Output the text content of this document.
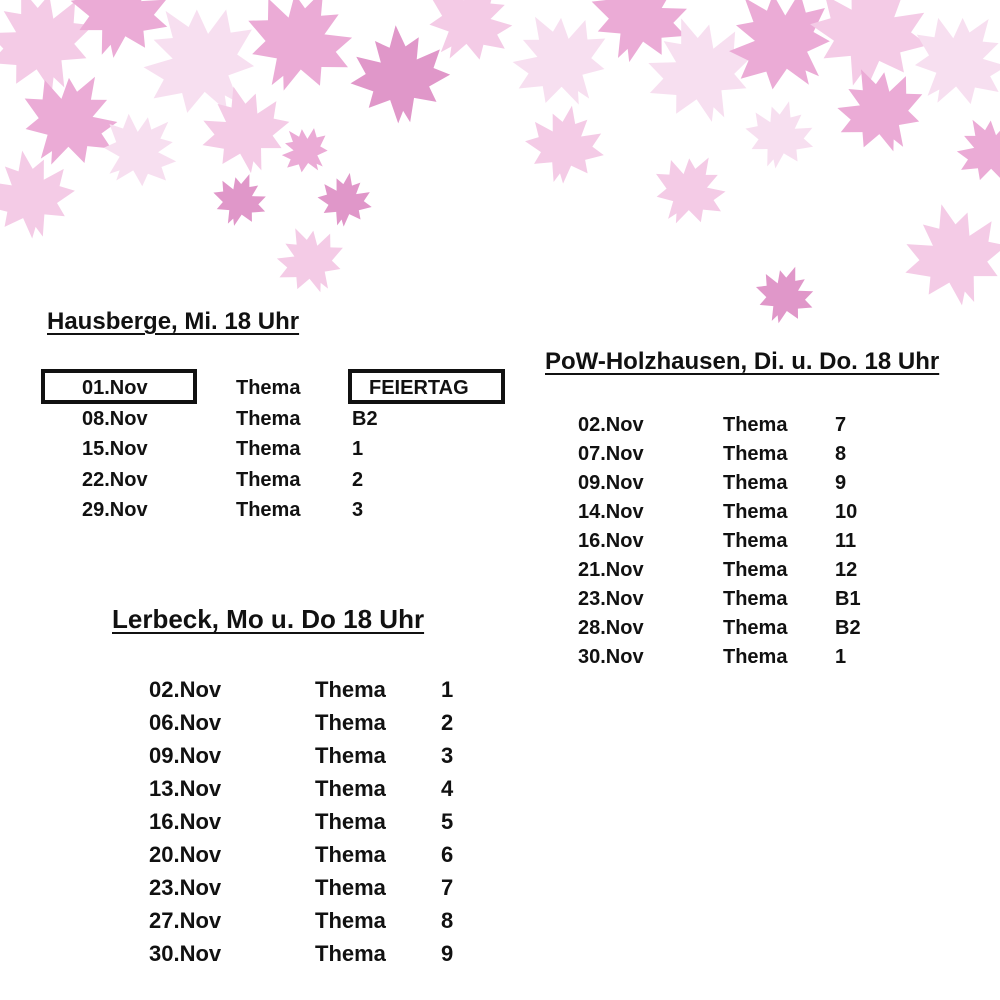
Hausberge, Mi. 18 Uhr
01.Nov	Thema	FEIERTAG
08.Nov	Thema	B2
15.Nov	Thema	1
22.Nov	Thema	2
29.Nov	Thema	3
PoW-Holzhausen, Di. u. Do. 18 Uhr
02.Nov	Thema 7
07.Nov	Thema 8
09.Nov	Thema 9
14.Nov	Thema 10
16.Nov	Thema 11
21.Nov	Thema 12
23.Nov	Thema B1
28.Nov	Thema B2
30.Nov	Thema 1
Lerbeck, Mo u. Do 18 Uhr
02.Nov	Thema	1
06.Nov	Thema	2
09.Nov	Thema	3
13.Nov	Thema	4
16.Nov	Thema	5
20.Nov	Thema	6
23.Nov	Thema	7
27.Nov	Thema	8
30.Nov	Thema	9
